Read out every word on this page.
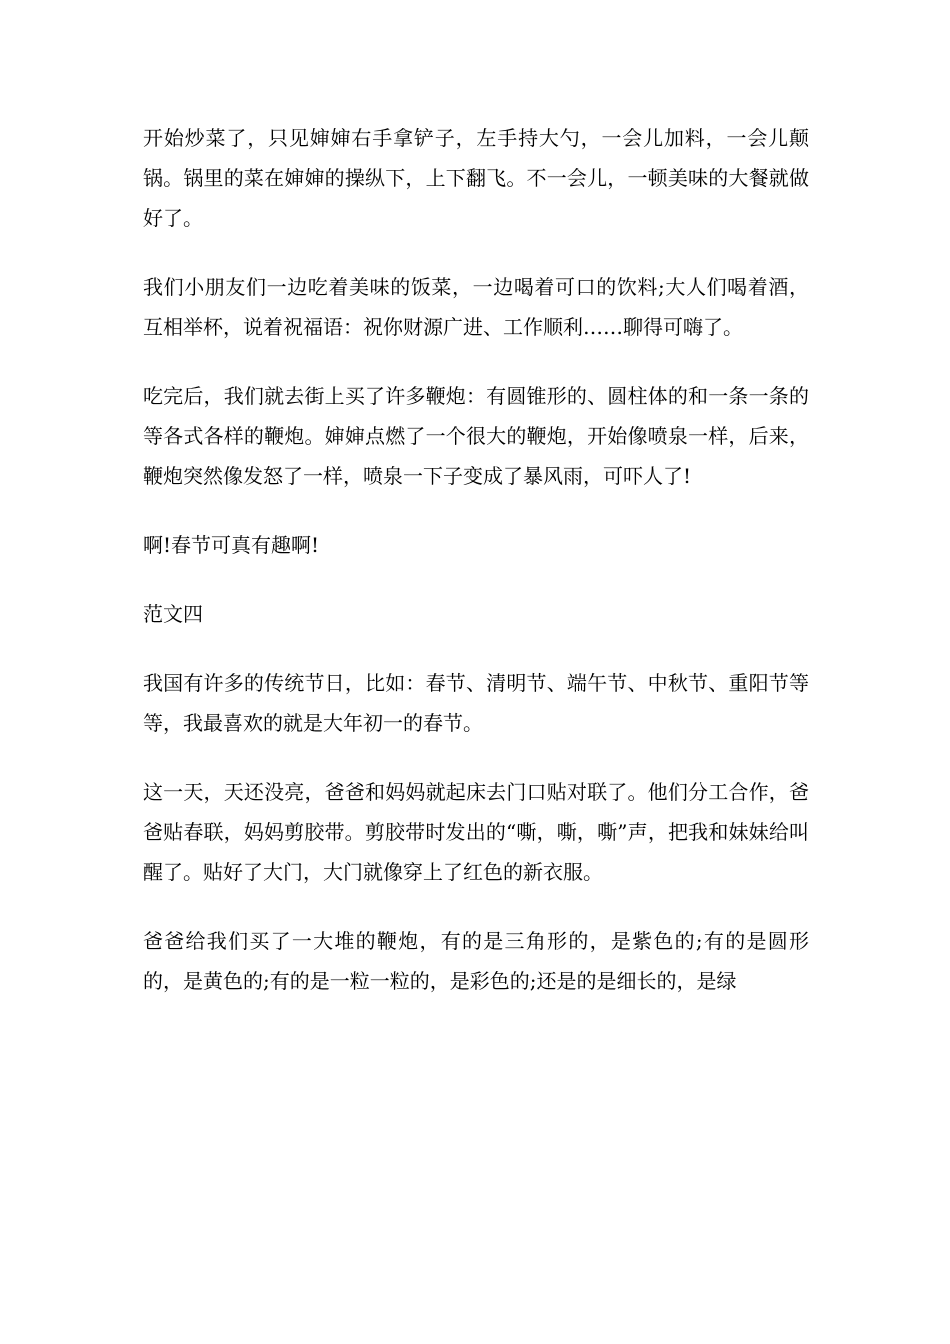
开始炒菜了，只见婶婶右手拿铲子，左手持大勺，一会儿加料，一会儿颠锅。锅里的菜在婶婶的操纵下，上下翻飞。不一会儿，一顿美味的大餐就做好了。

我们小朋友们一边吃着美味的饭菜，一边喝着可口的饮料;大人们喝着酒，互相举杯，说着祝福语：祝你财源广进、工作顺利……聊得可嗨了。

吃完后，我们就去街上买了许多鞭炮：有圆锥形的、圆柱体的和一条一条的等各式各样的鞭炮。婶婶点燃了一个很大的鞭炮，开始像喷泉一样，后来，鞭炮突然像发怒了一样，喷泉一下子变成了暴风雨，可吓人了!

啊!春节可真有趣啊!

范文四

我国有许多的传统节日，比如：春节、清明节、端午节、中秋节、重阳节等等，我最喜欢的就是大年初一的春节。

这一天，天还没亮，爸爸和妈妈就起床去门口贴对联了。他们分工合作，爸爸贴春联，妈妈剪胶带。剪胶带时发出的“嘶，嘶，嘶”声，把我和妹妹给叫醒了。贴好了大门，大门就像穿上了红色的新衣服。

爸爸给我们买了一大堆的鞭炮，有的是三角形的，是紫色的;有的是圆形的，是黄色的;有的是一粒一粒的，是彩色的;还是的是细长的，是绿
